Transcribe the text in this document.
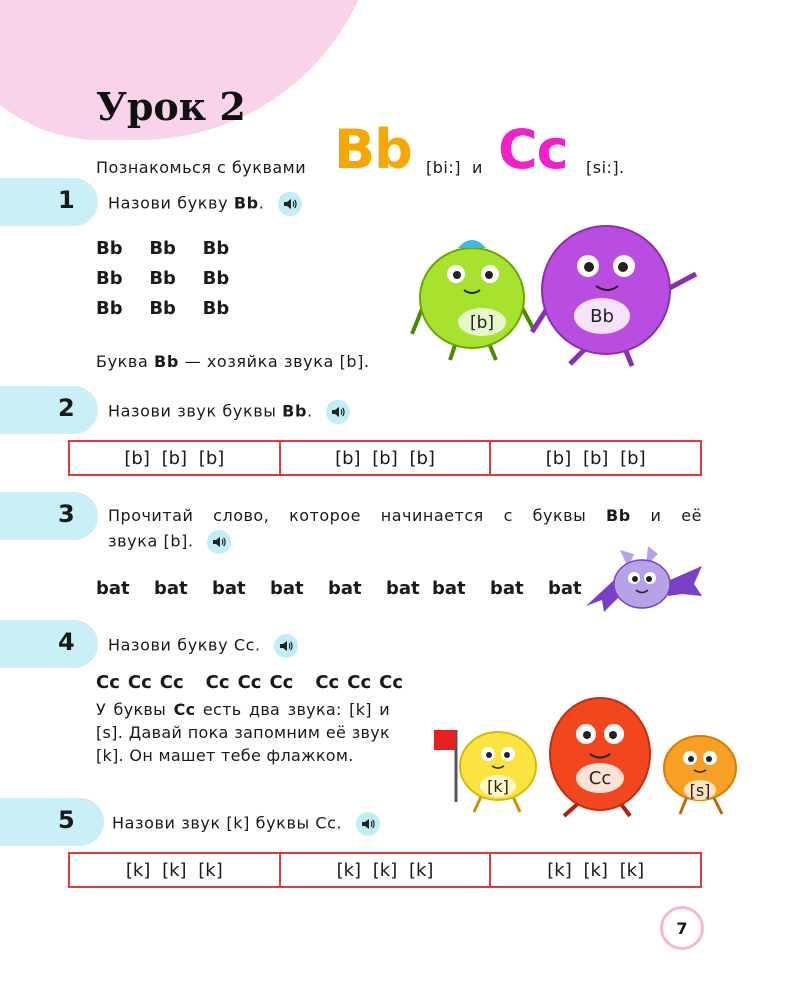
Урок 2
Познакомься с буквами Bb [bi:] и Cc [si:].
1 Назови букву Bb.
Bb	Bb	Bb
Bb	Bb	Bb
Bb	Bb	Bb
Буква Bb — хозяйка звука [b].
[b]	Bb
2 Назови звук буквы Bb.
[b] [b] [b]	[b] [b] [b]	[b] [b] [b]
3 Прочитай слово, которое начинается с буквы Bb и её
звука [b].
bat bat bat bat bat bat bat bat bat
4 Назови букву Cc.
Cc Cc Cc Cc Cc Cc Cc Cc Cc
У буквы Cc есть два звука: [k] и [s]. Давай пока запомним её звук [k]. Он машет тебе флажком.
[k]	Cc
[s]
5 Назови звук [k] буквы Cc.
[k] [k] [k]	[k] [k] [k]	[k] [k] [k]
7
